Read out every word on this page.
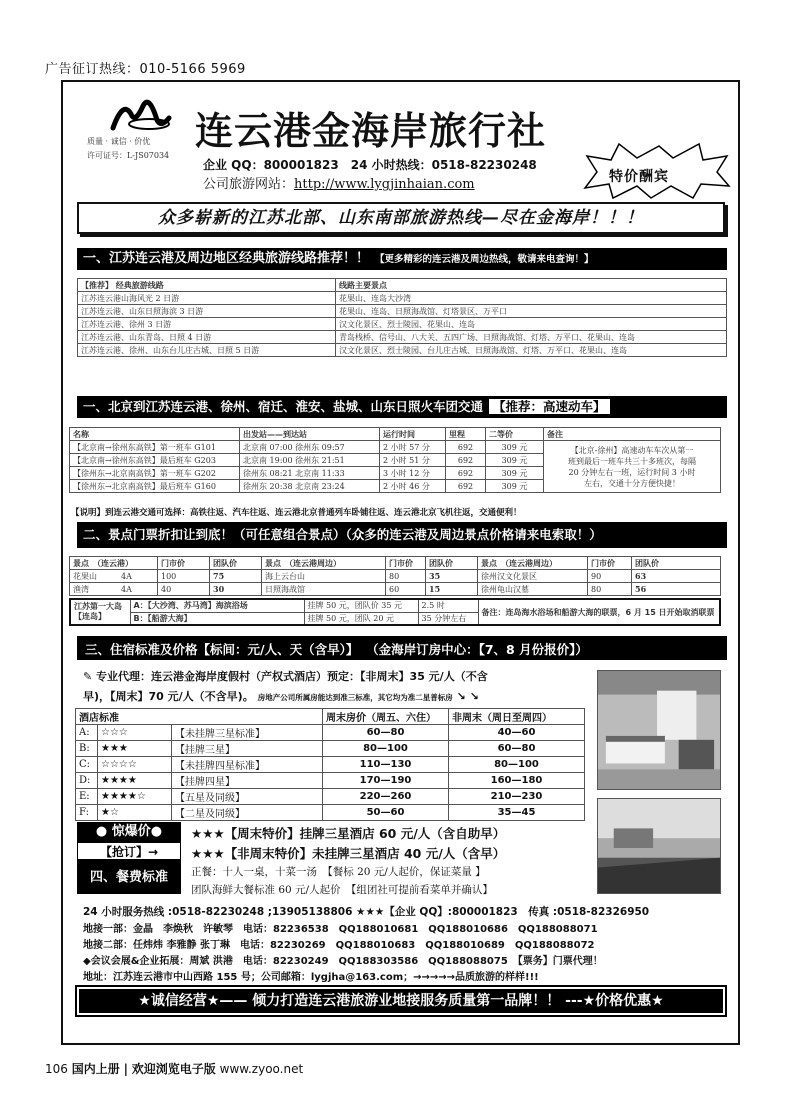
广告征订热线：010-5166 5969
质量 · 诚信 · 价优
许可证号：L-JS07034
连云港金海岸旅行社
企业 QQ：800001823　24 小时热线：0518-82230248
公司旅游网站：http://www.lygjinhaian.com	特价酬宾
众多崭新的江苏北部、山东南部旅游热线—尽在金海岸！！！
一、江苏连云港及周边地区经典旅游线路推荐！！ 【更多精彩的连云港及周边热线，敬请来电查询！】
【推荐】 经典旅游线路	线路主要景点
江苏连云港山海风光 2 日游	花果山、连岛大沙湾
江苏连云港、山东日照海滨 3 日游	花果山、连岛、日照海战馆、灯塔景区、万平口
江苏连云港、徐州 3 日游	汉文化景区、烈士陵园、花果山、连岛
江苏连云港、山东青岛、日照 4 日游	青岛栈桥、信号山、八大关、五四广场、日照海战馆、灯塔、万平口、花果山、连岛
江苏连云港、徐州、山东台儿庄古城、日照 5 日游	汉文化景区、烈士陵园、台儿庄古城、日照海战馆、灯塔、万平口、花果山、连岛
一、北京到江苏连云港、徐州、宿迁、淮安、盐城、山东日照火车团交通 【推荐：高速动车】
名称	出发站——到达站	运行时间	里程	二等价	备注
【北京南→徐州东高铁】第一班车 G101	北京南 07:00 徐州东 09:57	2 小时 57 分	692	309 元	【北京-徐州】高速动车车次从第一
班到最后一班车共三十多班次，每隔
20 分钟左右一班，运行时间 3 小时
左右，交通十分方便快捷！

【北京南→徐州东高铁】最后班车 G203	北京南 19:00 徐州东 21:51	2 小时 51 分	692	309 元	
【徐州东→北京南高铁】第一班车 G202	徐州东 08:21 北京南 11:33	3 小时 12 分	692	309 元	
【徐州东→北京南高铁】最后班车 G160	徐州东 20:38 北京南 23:24	2 小时 46 分	692	309 元	
【说明】到连云港交通可选择：高铁往返、汽车往返、连云港北京普通列车卧铺往返、连云港北京飞机往返，交通便利！
二、景点门票折扣让到底！（可任意组合景点）（众多的连云港及周边景点价格请来电索取！）
景点　（连云港）	门市价	团队价	景点　（连云港周边）	门市价	团队价	景点　（连云港周边）	门市价	团队价
花果山　　　4A	100	75	海上云台山	80	35	徐州汉文化景区	90	63
渔湾　　　　4A	40	30	日照海战馆	60	15	徐州龟山汉墓	80	56
江苏第一大岛【连岛】	A：【大沙湾、苏马湾】海滨浴场	挂牌 50 元，团队价 35 元	2.5 时	备注：连岛海水浴场和船游大海的联票，6 月 15 日开始取消联票
	B：【船游大海】	挂牌 50 元，团队 20 元	35 分钟左右	
三、住宿标准及价格【标间：元/人、天（含早）】 （金海岸订房中心：【7、8 月份报价】）
✎ 专业代理：连云港金海岸度假村（产权式酒店）预定：【非周末】35 元/人（不含
早)，【周末】70 元/人（不含早)。 房地产公司所属房能达到准三标准，其它均为准二星普标房 ↘ ↘
酒店标准			周末房价（周五、六住）	非周末（周日至周四）
A:	☆☆☆	【未挂牌三星标准】	60—80	40—60
B:	★★★	【挂牌三星】	80—100	60—80
C:	☆☆☆☆	【未挂牌四星标准】	110—130	80—100
D:	★★★★	【挂牌四星】	170—190	160—180
E:	★★★★☆	【五星及同级】	220—260	210—230
F:	★☆	【二星及同级】	50—60	35—45
● 惊爆价●
【抢订】→
★★★【周末特价】挂牌三星酒店 60 元/人（含自助早）
★★★【非周末特价】未挂牌三星酒店 40 元/人（含早）
四、餐费标准	正餐：十人一桌，十菜一汤　【餐标 20 元/人起价，保证菜量 】
团队海鲜大餐标准 60 元/人起价　【组团社可提前看菜单并确认】
24 小时服务热线 :0518-82230248 ;13905138806 ★★★【企业 QQ】:800001823　传真 :0518-82326950
地接一部：金晶　李焕秋　许敏琴　电话：82236538　QQ188010681　QQ188010686　QQ188088071
地接二部：任炜炜 李雅静 张丁琳　电话：82230269　QQ188010683　QQ188010689　QQ188088072
◆会议会展&企业拓展：周斌 洪港　电话：82230249　QQ188303586　QQ188088075　【票务】门票代理！
地址：江苏连云港市中山西路 155 号；公司邮箱：lygjha@163.com；→→→→→品质旅游的样样!!!
★诚信经营★—— 倾力打造连云港旅游业地接服务质量第一品牌！！ ---★价格优惠★
106 国内上册 | 欢迎浏览电子版 www.zyoo.net
